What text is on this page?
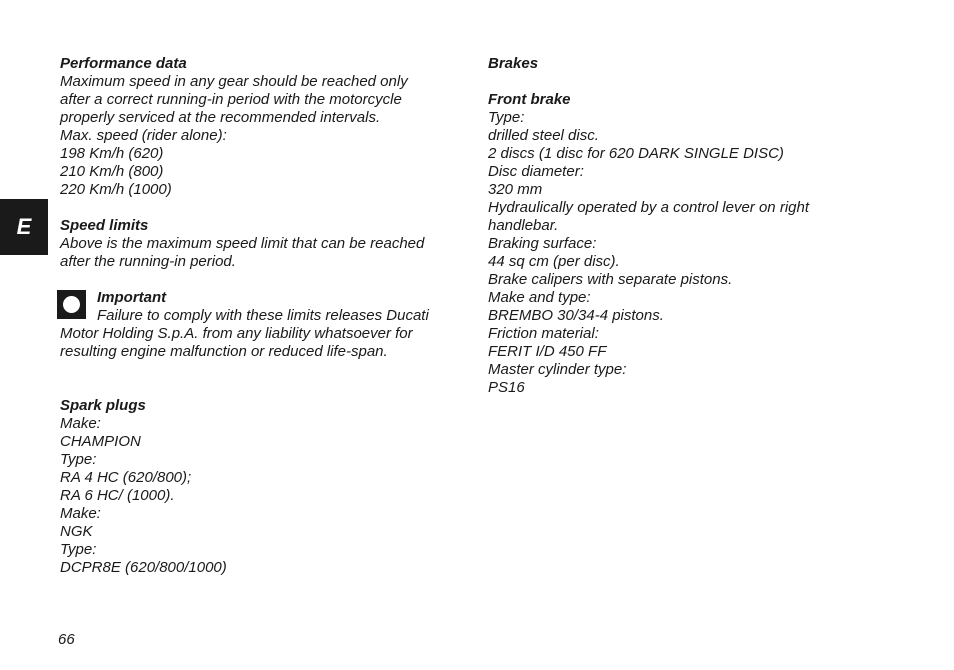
E
Performance data
Maximum speed in any gear should be reached only
after a correct running-in period with the motorcycle
properly serviced at the recommended intervals.
Max. speed (rider alone):
198 Km/h (620)
210 Km/h (800)
220 Km/h (1000)
Speed limits
Above is the maximum speed limit that can be reached
after the running-in period.
Important
Failure to comply with these limits releases Ducati
Motor Holding S.p.A. from any liability whatsoever for
resulting engine malfunction or reduced life-span.
Spark plugs
Make:
CHAMPION
Type:
RA 4 HC (620/800);
RA 6 HC/ (1000).
Make:
NGK
Type:
DCPR8E (620/800/1000)
Brakes
Front brake
Type:
drilled steel disc.
2 discs (1 disc for 620 DARK SINGLE DISC)
Disc diameter:
320 mm
Hydraulically operated by a control lever on right
handlebar.
Braking surface:
44 sq cm (per disc).
Brake calipers with separate pistons.
Make and type:
BREMBO 30/34-4 pistons.
Friction material:
FERIT I/D 450 FF
Master cylinder type:
PS16
66
